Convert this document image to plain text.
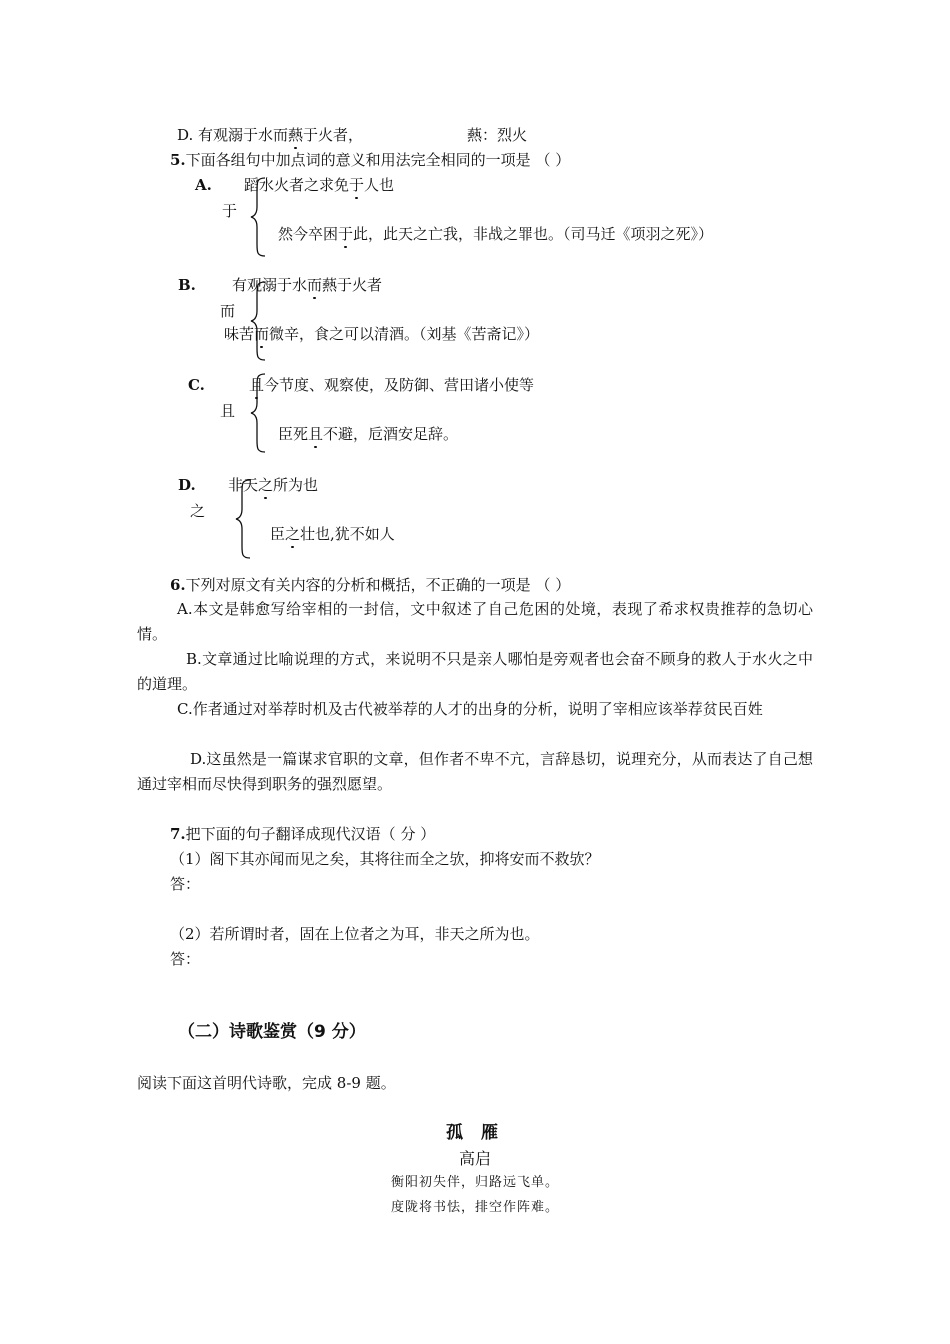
D. 有观溺于水而爇于火者，	爇：烈火
5.下面各组句中加点词的意义和用法完全相同的一项是 （ ）
A. 蹈水火者之求免于人也
于
然今卒困于此，此天之亡我，非战之罪也。（司马迁《项羽之死》）
B. 有观溺于水而爇于火者
而
味苦而微辛，食之可以清酒。（刘基《苦斋记》）
C.	且今节度、观察使，及防御、营田诸小使等
且
臣死且不避，卮酒安足辞。
D. 非天之所为也
之
臣之壮也,犹不如人
6.下列对原文有关内容的分析和概括，不正确的一项是 （ ）
A.本文是韩愈写给宰相的一封信，文中叙述了自己危困的处境，表现了希求权贵推荐的急切心情。
B.文章通过比喻说理的方式，来说明不只是亲人哪怕是旁观者也会奋不顾身的救人于水火之中的道理。
C.作者通过对举荐时机及古代被举荐的人才的出身的分析，说明了宰相应该举荐贫民百姓
D.这虽然是一篇谋求官职的文章，但作者不卑不亢，言辞恳切，说理充分，从而表达了自己想通过宰相而尽快得到职务的强烈愿望。
7.把下面的句子翻译成现代汉语（ 分 ）
（1）阁下其亦闻而见之矣，其将往而全之欤，抑将安而不救欤？
答：
（2）若所谓时者，固在上位者之为耳，非天之所为也。
答：
（二）诗歌鉴赏（9 分）
阅读下面这首明代诗歌，完成 8-9 题。
孤 雁
高启
衡阳初失伴，归路远飞单。
度陇将书怯，排空作阵难。
